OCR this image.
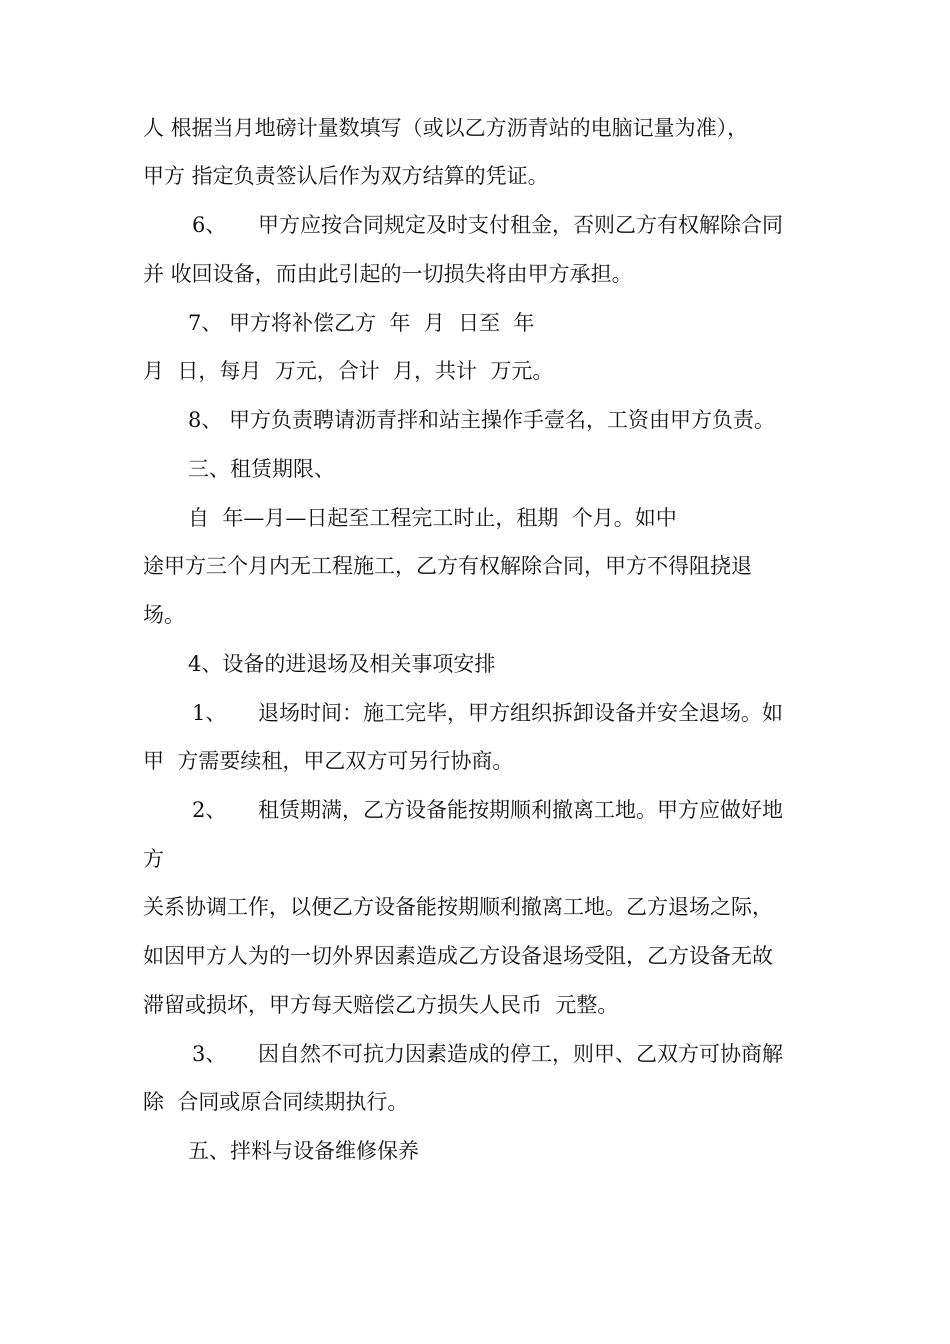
人 根据当月地磅计量数填写（或以乙方沥青站的电脑记量为准），

甲方 指定负责签认后作为双方结算的凭证。

6、 甲方应按合同规定及时支付租金，否则乙方有权解除合同

并 收回设备，而由此引起的一切损失将由甲方承担。

7、 甲方将补偿乙方  年  月  日至  年

月  日，每月  万元，合计  月，共计  万元。

8、 甲方负责聘请沥青拌和站主操作手壹名，工资由甲方负责。

三、租赁期限、

自  年—月—日起至工程完工时止，租期  个月。如中

途甲方三个月内无工程施工，乙方有权解除合同，甲方不得阻挠退

场。

4、设备的进退场及相关事项安排

1、 退场时间：施工完毕，甲方组织拆卸设备并安全退场。如

甲  方需要续租，甲乙双方可另行协商。

2、 租赁期满，乙方设备能按期顺利撤离工地。甲方应做好地

方

关系协调工作，以便乙方设备能按期顺利撤离工地。乙方退场之际，

如因甲方人为的一切外界因素造成乙方设备退场受阻，乙方设备无故

滞留或损坏，甲方每天赔偿乙方损失人民币  元整。

3、 因自然不可抗力因素造成的停工，则甲、乙双方可协商解

除  合同或原合同续期执行。

五、拌料与设备维修保养
